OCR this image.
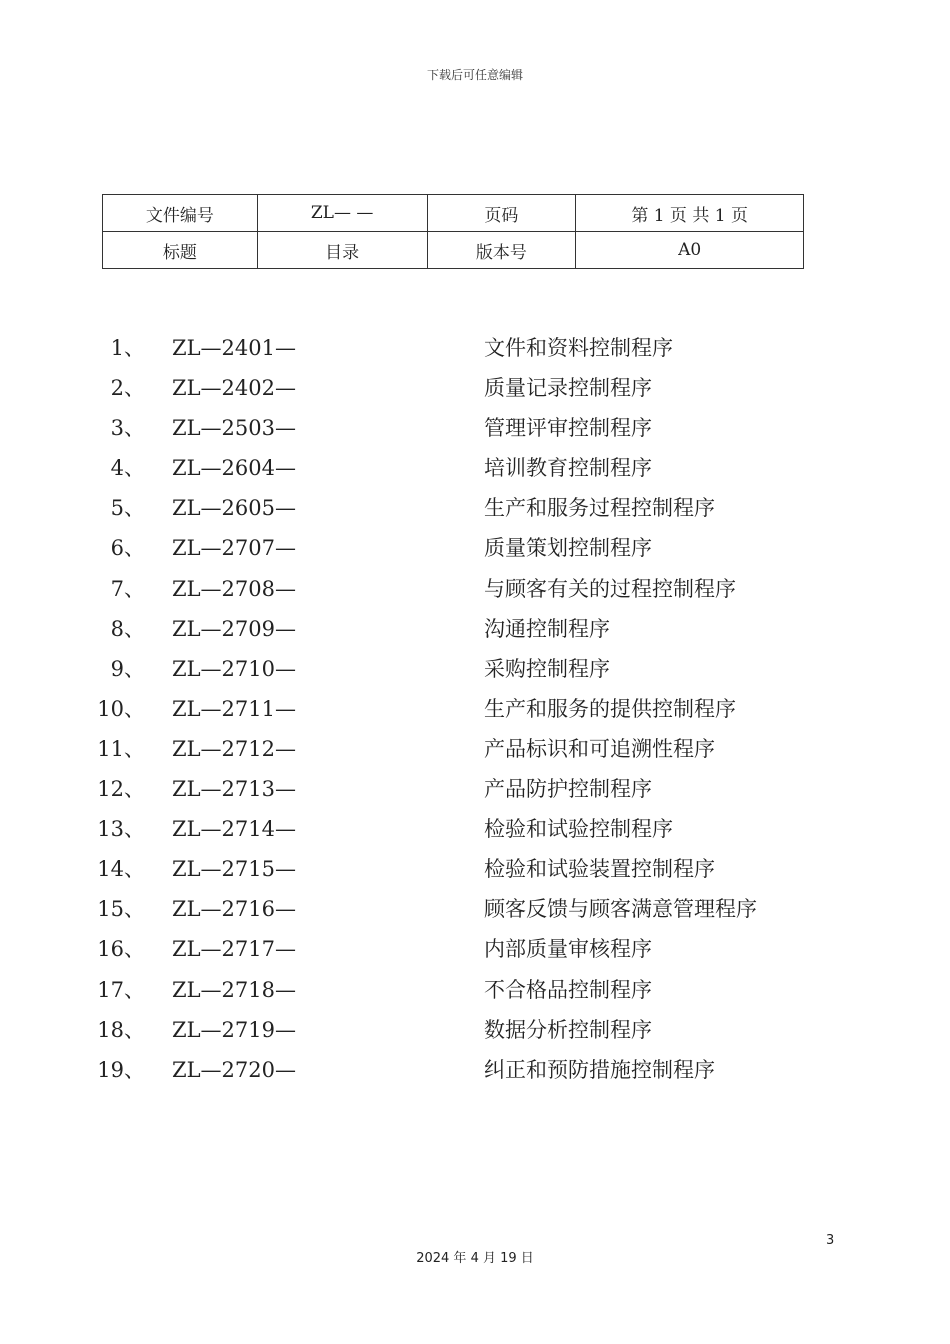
下载后可任意编辑
文件编号	ZL— —	页码	第 1 页 共 1 页
标题	目录	版本号	A0
1、 ZL—2401—	文件和资料控制程序
2、 ZL—2402—	质量记录控制程序
3、 ZL—2503—	管理评审控制程序
4、 ZL—2604—	培训教育控制程序
5、 ZL—2605—	生产和服务过程控制程序
6、 ZL—2707—	质量策划控制程序
7、 ZL—2708—	与顾客有关的过程控制程序
8、 ZL—2709—	沟通控制程序
9、 ZL—2710—	采购控制程序
10、 ZL—2711—	生产和服务的提供控制程序
11、 ZL—2712—	产品标识和可追溯性程序
12、 ZL—2713—	产品防护控制程序
13、 ZL—2714—	检验和试验控制程序
14、 ZL—2715—	检验和试验装置控制程序
15、 ZL—2716—	顾客反馈与顾客满意管理程序
16、 ZL—2717—	内部质量审核程序
17、 ZL—2718—	不合格品控制程序
18、 ZL—2719—	数据分析控制程序
19、 ZL—2720—	纠正和预防措施控制程序
3
2024 年 4 月 19 日
